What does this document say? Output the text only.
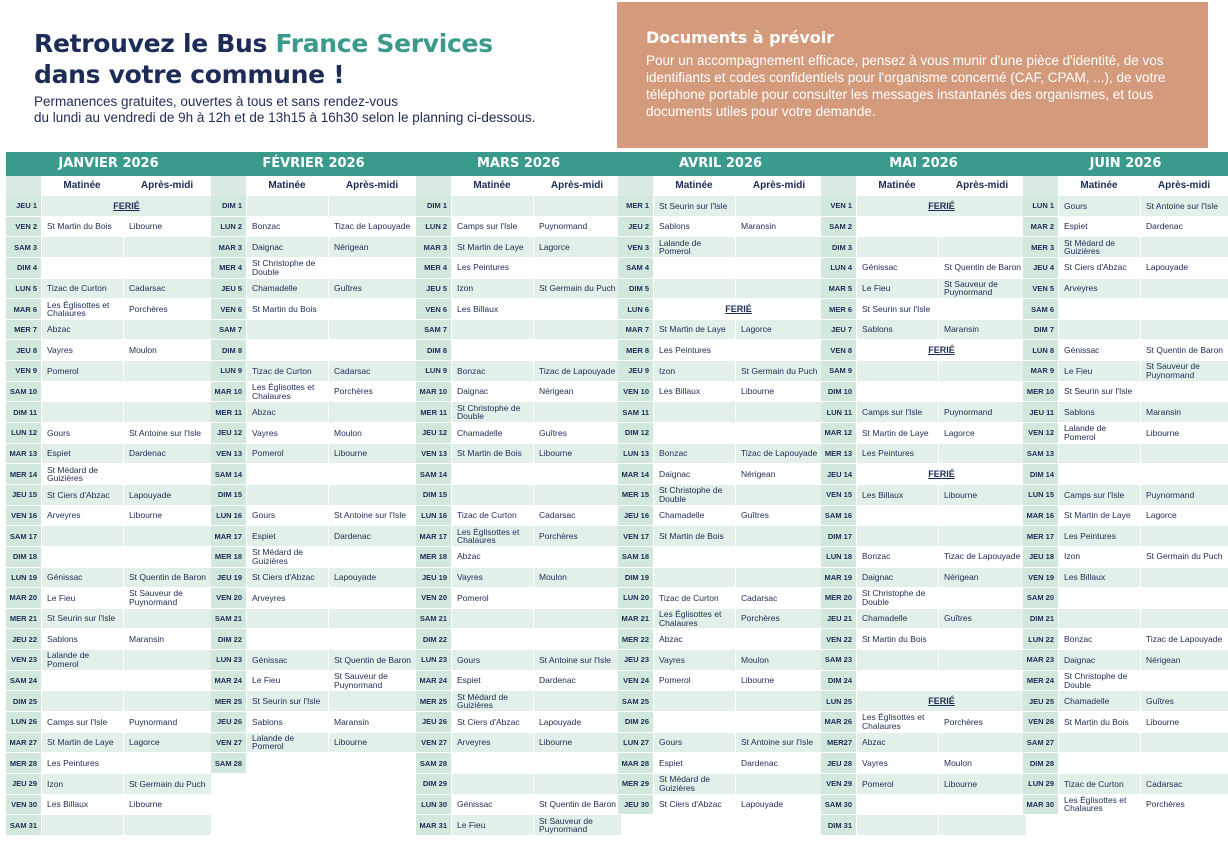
Retrouvez le Bus France Services
dans votre commune !
Permanences gratuites, ouvertes à tous et sans rendez-vous
du lundi au vendredi de 9h à 12h et de 13h15 à 16h30 selon le planning ci-dessous.
Documents à prévoir
Pour un accompagnement efficace, pensez à vous munir d'une pièce d'identité, de vos identifiants et codes confidentiels pour l'organisme concerné (CAF, CPAM, ...), de votre téléphone portable pour consulter les messages instantanés des organismes, et tous documents utiles pour votre demande.
JANVIER 2026
Matinée	Après-midi
JEU 1	FERIÉ
VEN 2	St Martin du Bois	Libourne
SAM 3
DIM 4
LUN 5	Tizac de Curton	Cadarsac
MAR 6	Les Églisottes et Chalaures	Porchères
MER 7	Abzac
JEU 8	Vayres	Moulon
VEN 9	Pomerol
SAM 10
DIM 11
LUN 12	Gours	St Antoine sur l'Isle
MAR 13	Espiet	Dardenac
MER 14	St Médard de Guizières
JEU 15	St Ciers d'Abzac	Lapouyade
VEN 16	Arveyres	Libourne
SAM 17
DIM 18
LUN 19	Génissac	St Quentin de Baron
MAR 20	Le Fieu	St Sauveur de Puynormand
MER 21	St Seurin sur l'Isle
JEU 22	Sablons	Maransin
VEN 23	Lalande de Pomerol
SAM 24
DIM 25
LUN 26	Camps sur l'Isle	Puynormand
MAR 27	St Martin de Laye	Lagorce
MER 28	Les Peintures
JEU 29	Izon	St Germain du Puch
VEN 30	Les Billaux	Libourne
SAM 31
FÉVRIER 2026
Matinée	Après-midi
DIM 1
LUN 2	Bonzac	Tizac de Lapouyade
MAR 3	Daignac	Nérigean
MER 4	St Christophe de Double
JEU 5	Chamadelle	Guîtres
VEN 6	St Martin du Bois
SAM 7
DIM 8
LUN 9	Tizac de Curton	Cadarsac
MAR 10	Les Églisottes et Chalaures	Porchères
MER 11	Abzac
JEU 12	Vayres	Moulon
VEN 13	Pomerol	Libourne
SAM 14
DIM 15
LUN 16	Gours	St Antoine sur l'Isle
MAR 17	Espiet	Dardenac
MER 18	St Médard de Guizières
JEU 19	St Ciers d'Abzac	Lapouyade
VEN 20	Arveyres
SAM 21
DIM 22
LUN 23	Génissac	St Quentin de Baron
MAR 24	Le Fieu	St Sauveur de Puynormand
MER 25	St Seurin sur l'Isle
JEU 26	Sablons	Maransin
VEN 27	Lalande de Pomerol	Libourne
SAM 28
MARS 2026
Matinée	Après-midi
DIM 1
LUN 2	Camps sur l'Isle	Puynormand
MAR 3	St Martin de Laye	Lagorce
MER 4	Les Peintures
JEU 5	Izon	St Germain du Puch
VEN 6	Les Billaux
SAM 7
DIM 8
LUN 9	Bonzac	Tizac de Lapouyade
MAR 10	Daignac	Nérigean
MER 11	St Christophe de Double
JEU 12	Chamadelle	Guîtres
VEN 13	St Martin de Bois	Libourne
SAM 14
DIM 15
LUN 16	Tizac de Curton	Cadarsac
MAR 17	Les Églisottes et Chalaures	Porchères
MER 18	Abzac
JEU 19	Vayres	Moulon
VEN 20	Pomerol
SAM 21
DIM 22
LUN 23	Gours	St Antoine sur l'Isle
MAR 24	Espiet	Dardenac
MER 25	St Médard de Guizières
JEU 26	St Ciers d'Abzac	Lapouyade
VEN 27	Arveyres	Libourne
SAM 28
DIM 29
LUN 30	Génissac	St Quentin de Baron
MAR 31	Le Fieu	St Sauveur de Puynormand
AVRIL 2026
Matinée	Après-midi
MER 1	St Seurin sur l'Isle
JEU 2	Sablons	Maransin
VEN 3	Lalande de Pomerol
SAM 4
DIM 5
LUN 6	FERIÉ
MAR 7	St Martin de Laye	Lagorce
MER 8	Les Peintures
JEU 9	Izon	St Germain du Puch
VEN 10	Les Billaux	Libourne
SAM 11
DIM 12
LUN 13	Bonzac	Tizac de Lapouyade
MAR 14	Daignac	Nérigean
MER 15	St Christophe de Double
JEU 16	Chamadelle	Guîtres
VEN 17	St Martin de Bois
SAM 18
DIM 19
LUN 20	Tizac de Curton	Cadarsac
MAR 21	Les Églisottes et Chalaures	Porchères
MER 22	Abzac
JEU 23	Vayres	Moulon
VEN 24	Pomerol	Libourne
SAM 25
DIM 26
LUN 27	Gours	St Antoine sur l'Isle
MAR 28	Espiet	Dardenac
MER 29	St Médard de Guizières
JEU 30	St Ciers d'Abzac	Lapouyade
MAI 2026
Matinée	Après-midi
VEN 1	FERIÉ
SAM 2
DIM 3
LUN 4	Génissac	St Quentin de Baron
MAR 5	Le Fieu	St Sauveur de Puynormand
MER 6	St Seurin sur l'Isle
JEU 7	Sablons	Maransin
VEN 8	FERIÉ
SAM 9
DIM 10
LUN 11	Camps sur l'Isle	Puynormand
MAR 12	St Martin de Laye	Lagorce
MER 13	Les Peintures
JEU 14	FERIÉ
VEN 15	Les Billaux	Libourne
SAM 16
DIM 17
LUN 18	Bonzac	Tizac de Lapouyade
MAR 19	Daignac	Nérigean
MER 20	St Christophe de Double
JEU 21	Chamadelle	Guîtres
VEN 22	St Martin du Bois
SAM 23
DIM 24
LUN 25	FERIÉ
MAR 26	Les Églisottes et Chalaures	Porchères
MER27	Abzac
JEU 28	Vayres	Moulon
VEN 29	Pomerol	Libourne
SAM 30
DIM 31
JUIN 2026
Matinée	Après-midi
LUN 1	Gours	St Antoine sur l'Isle
MAR 2	Espiet	Dardenac
MER 3	St Médard de Guizières
JEU 4	St Ciers d'Abzac	Lapouyade
VEN 5	Arveyres
SAM 6
DIM 7
LUN 8	Génissac	St Quentin de Baron
MAR 9	Le Fieu	St Sauveur de Puynormand
MER 10	St Seurin sur l'Isle
JEU 11	Sablons	Maransin
VEN 12	Lalande de Pomerol	Libourne
SAM 13
DIM 14
LUN 15	Camps sur l'Isle	Puynormand
MAR 16	St Martin de Laye	Lagorce
MER 17	Les Peintures
JEU 18	Izon	St Germain du Puch
VEN 19	Les Billaux
SAM 20
DIM 21
LUN 22	Bonzac	Tizac de Lapouyade
MAR 23	Daignac	Nérigean
MER 24	St Christophe de Double
JEU 25	Chamadelle	Guîtres
VEN 26	St Martin du Bois	Libourne
SAM 27
DIM 28
LUN 29	Tizac de Curton	Cadarsac
MAR 30	Les Églisottes et Chalaures	Porchères
